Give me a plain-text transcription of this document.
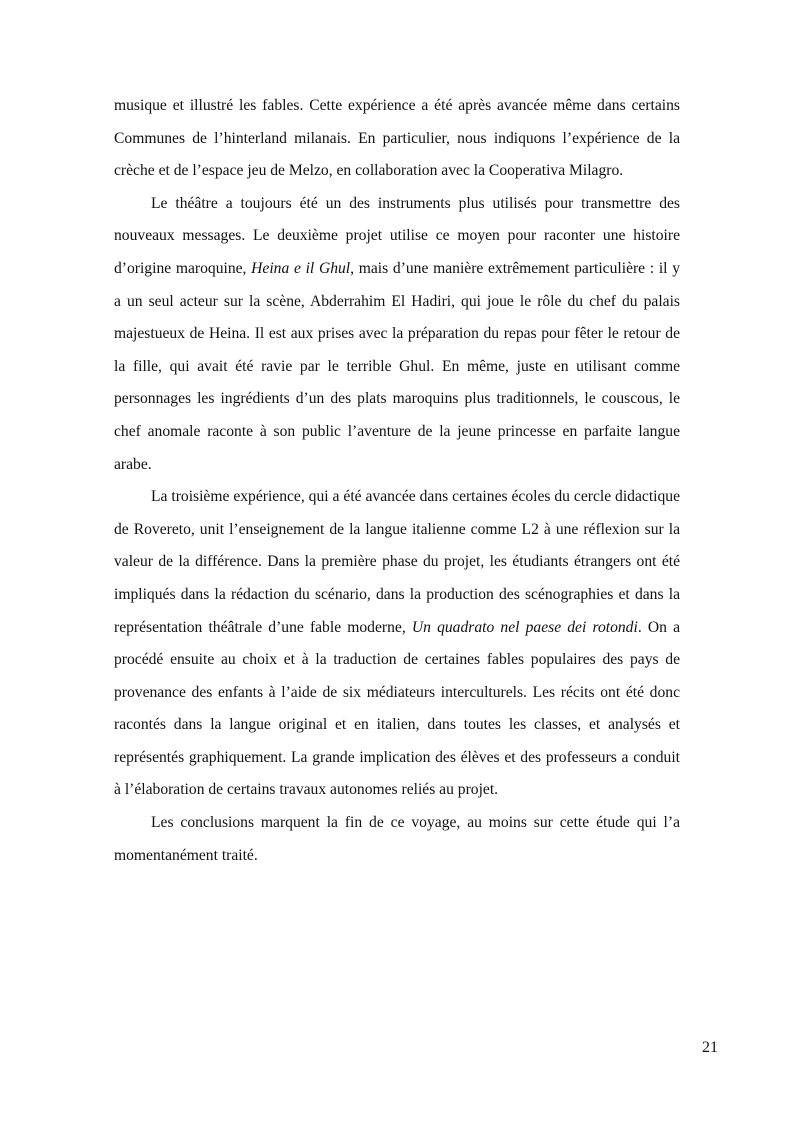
musique et illustré les fables. Cette expérience a été après avancée même dans certains Communes de l’hinterland milanais. En particulier, nous indiquons l’expérience de la crèche et de l’espace jeu de Melzo, en collaboration avec la Cooperativa Milagro.

Le théâtre a toujours été un des instruments plus utilisés pour transmettre des nouveaux messages. Le deuxième projet utilise ce moyen pour raconter une histoire d’origine maroquine, Heina e il Ghul, mais d’une manière extrêmement particulière : il y a un seul acteur sur la scène, Abderrahim El Hadiri, qui joue le rôle du chef du palais majestueux de Heina. Il est aux prises avec la préparation du repas pour fêter le retour de la fille, qui avait été ravie par le terrible Ghul. En même, juste en utilisant comme personnages les ingrédients d’un des plats maroquins plus traditionnels, le couscous, le chef anomale raconte à son public l’aventure de la jeune princesse en parfaite langue arabe.

La troisième expérience, qui a été avancée dans certaines écoles du cercle didactique de Rovereto, unit l’enseignement de la langue italienne comme L2 à une réflexion sur la valeur de la différence. Dans la première phase du projet, les étudiants étrangers ont été impliqués dans la rédaction du scénario, dans la production des scénographies et dans la représentation théâtrale d’une fable moderne, Un quadrato nel paese dei rotondi. On a procédé ensuite au choix et à la traduction de certaines fables populaires des pays de provenance des enfants à l’aide de six médiateurs interculturels. Les récits ont été donc racontés dans la langue original et en italien, dans toutes les classes, et analysés et représentés graphiquement. La grande implication des élèves et des professeurs a conduit à l’élaboration de certains travaux autonomes reliés au projet.

Les conclusions marquent la fin de ce voyage, au moins sur cette étude qui l’a momentanément traité.

21
